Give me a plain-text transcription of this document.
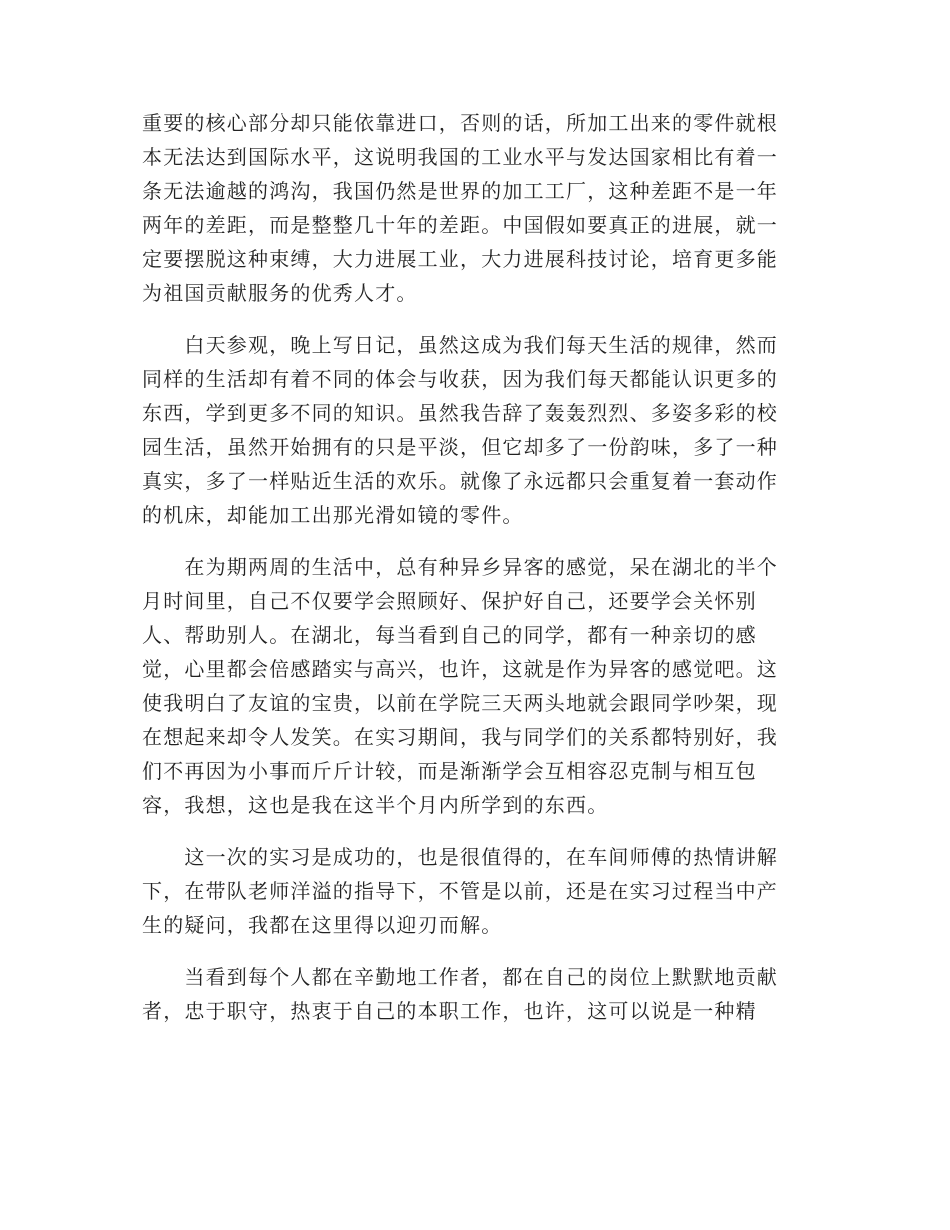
重要的核心部分却只能依靠进口，否则的话，所加工出来的零件就根
本无法达到国际水平，这说明我国的工业水平与发达国家相比有着一
条无法逾越的鸿沟，我国仍然是世界的加工工厂，这种差距不是一年
两年的差距，而是整整几十年的差距。中国假如要真正的进展，就一
定要摆脱这种束缚，大力进展工业，大力进展科技讨论，培育更多能
为祖国贡献服务的优秀人才。
　　白天参观，晚上写日记，虽然这成为我们每天生活的规律，然而
同样的生活却有着不同的体会与收获，因为我们每天都能认识更多的
东西，学到更多不同的知识。虽然我告辞了轰轰烈烈、多姿多彩的校
园生活，虽然开始拥有的只是平淡，但它却多了一份韵味，多了一种
真实，多了一样贴近生活的欢乐。就像了永远都只会重复着一套动作
的机床，却能加工出那光滑如镜的零件。
　　在为期两周的生活中，总有种异乡异客的感觉，呆在湖北的半个
月时间里，自己不仅要学会照顾好、保护好自己，还要学会关怀别
人、帮助别人。在湖北，每当看到自己的同学，都有一种亲切的感
觉，心里都会倍感踏实与高兴，也许，这就是作为异客的感觉吧。这
使我明白了友谊的宝贵，以前在学院三天两头地就会跟同学吵架，现
在想起来却令人发笑。在实习期间，我与同学们的关系都特别好，我
们不再因为小事而斤斤计较，而是渐渐学会互相容忍克制与相互包
容，我想，这也是我在这半个月内所学到的东西。
　　这一次的实习是成功的，也是很值得的，在车间师傅的热情讲解
下，在带队老师洋溢的指导下，不管是以前，还是在实习过程当中产
生的疑问，我都在这里得以迎刃而解。
　　当看到每个人都在辛勤地工作者，都在自己的岗位上默默地贡献
者，忠于职守，热衷于自己的本职工作，也许，这可以说是一种精
